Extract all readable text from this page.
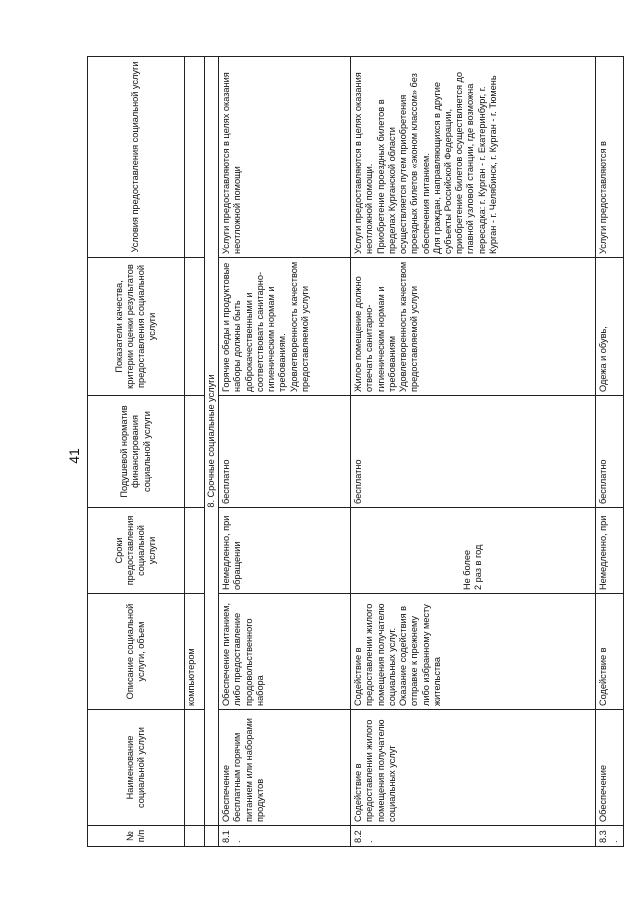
41
№
п/п	Наименование социальной услуги	Описание социальной услуги, объем	Сроки предоставления социальной услуги	Подушевой норматив финансирования социальной услуги	Показатели качества, критерии оценки результатов предоставления социальной услуги	Условия предоставления социальной услуги
		компьютером				
	8. Срочные социальные услуги					
8.1.	Обеспечение бесплатным горячим питанием или наборами продуктов	Обеспечение питанием, либо предоставление продовольственного набора	Немедленно, при обращении	бесплатно	Горячие обеды и продуктовые наборы должны быть доброкачественными и соответствовать санитарно-гигиеническим нормам и требованиям.
Удовлетворенность качеством предоставляемой услуги	Услуги предоставляются в целях оказания неотложной помощи
8.2.	Содействие в предоставлении жилого помещения получателю социальных услуг	Содействие в предоставлении жилого помещения получателю социальных услуг.
Оказание содействия в отправке к прежнему либо избранному месту жительства	Не более
2 раз в год	бесплатно	Жилое помещение должно отвечать санитарно-гигиеническим нормам и требованиям
Удовлетворенность качеством предоставляемой услуги	Услуги предоставляются в целях оказания неотложной помощи.
Приобретение проездных билетов в пределах Курганской области осуществляется путем приобретения проездных билетов «эконом классом» без обеспечения питанием.
Для граждан, направляющихся в другие субъекты Российской Федерации, приобретение билетов осуществляется до главной узловой станции, где возможна пересадка: г. Курган - г. Екатеринбург, г. Курган - г. Челябинск, г. Курган - г. Тюмень
8.3.	Обеспечение	Содействие в	Немедленно, при	бесплатно	Одежа и обувь,	Услуги предоставляются в
